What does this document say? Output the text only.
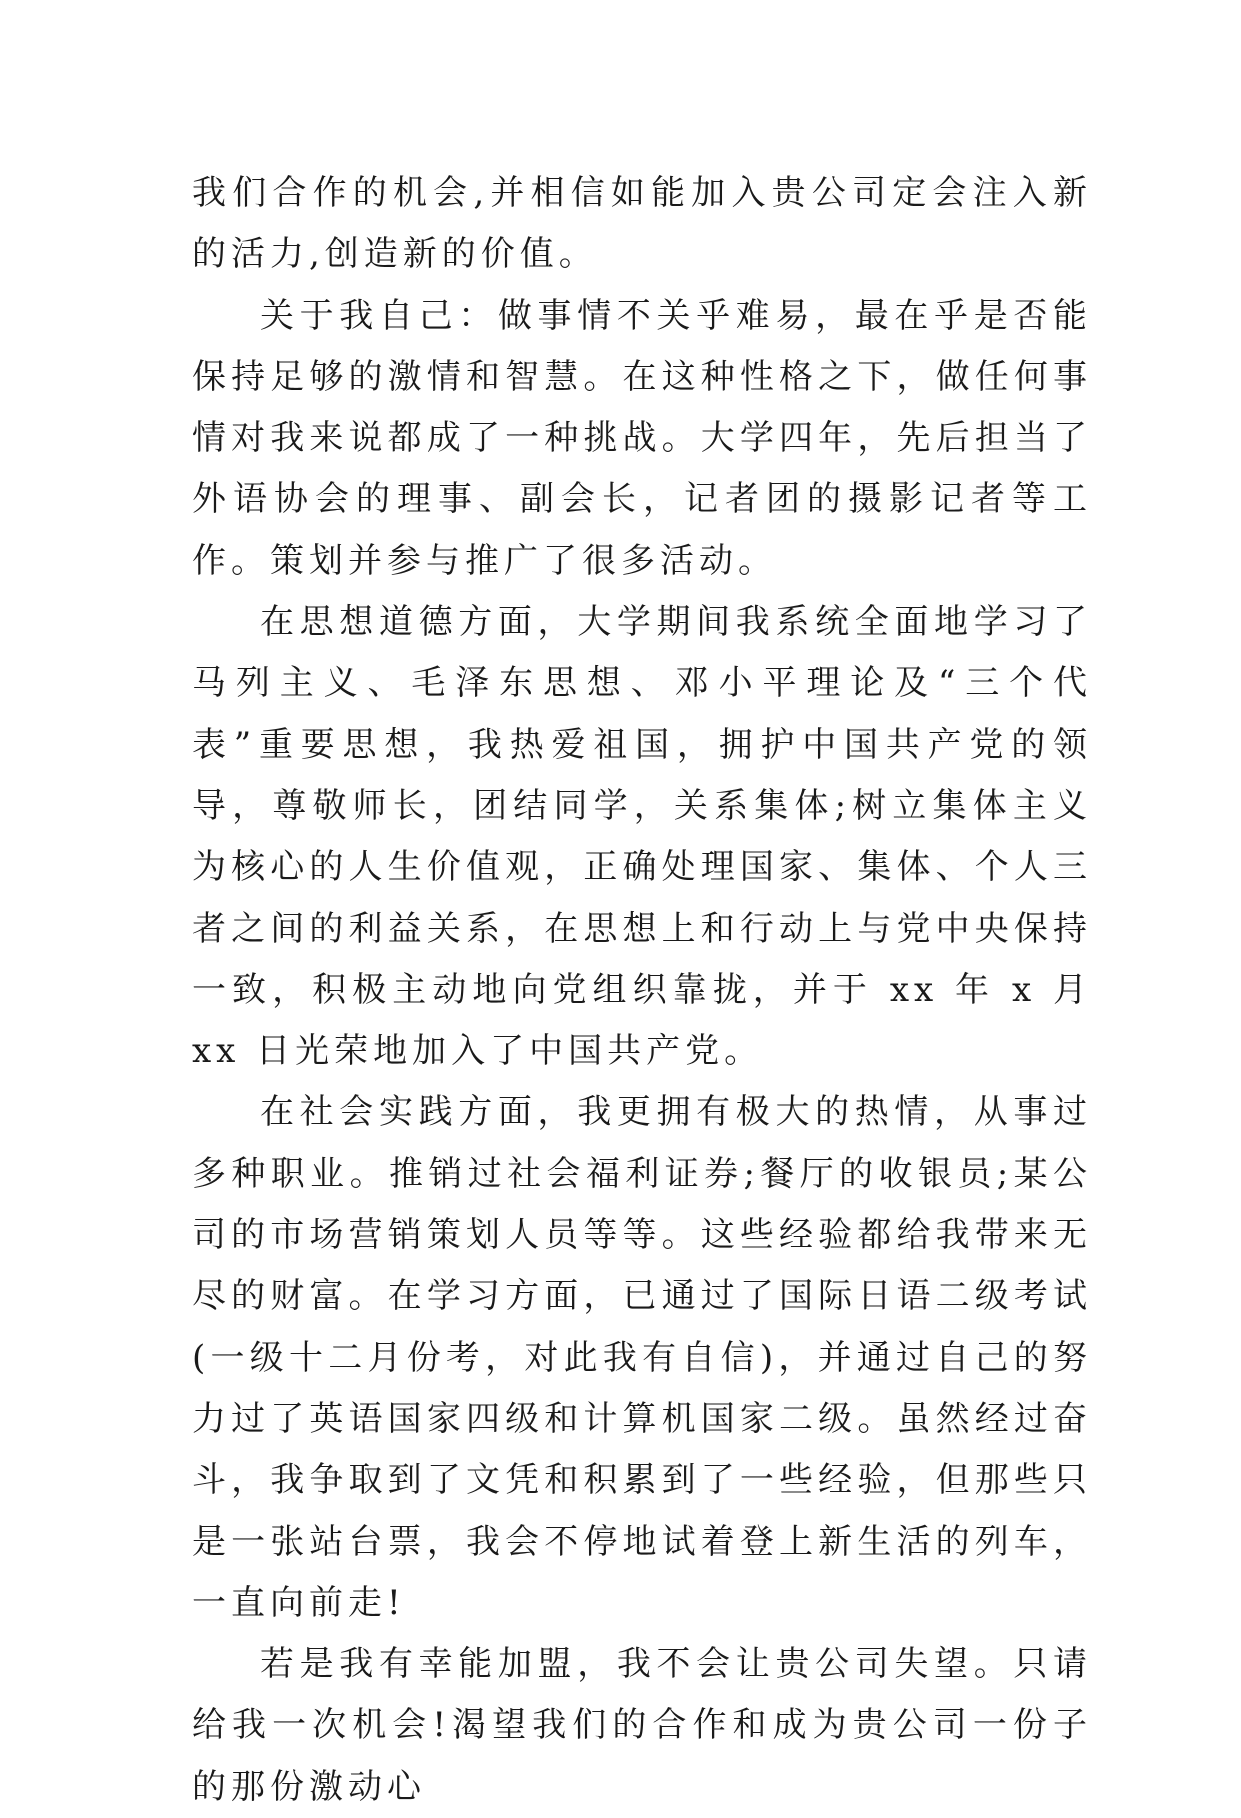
我们合作的机会,并相信如能加入贵公司定会注入新的活力,创造新的价值。

关于我自己：做事情不关乎难易，最在乎是否能保持足够的激情和智慧。在这种性格之下，做任何事情对我来说都成了一种挑战。大学四年，先后担当了外语协会的理事、副会长，记者团的摄影记者等工作。策划并参与推广了很多活动。

在思想道德方面，大学期间我系统全面地学习了马列主义、毛泽东思想、邓小平理论及“三个代表”重要思想，我热爱祖国，拥护中国共产党的领导，尊敬师长，团结同学，关系集体;树立集体主义为核心的人生价值观，正确处理国家、集体、个人三者之间的利益关系，在思想上和行动上与党中央保持一致，积极主动地向党组织靠拢，并于 xx 年 x 月 xx 日光荣地加入了中国共产党。

在社会实践方面，我更拥有极大的热情，从事过多种职业。推销过社会福利证券;餐厅的收银员;某公司的市场营销策划人员等等。这些经验都给我带来无尽的财富。在学习方面，已通过了国际日语二级考试(一级十二月份考，对此我有自信)，并通过自己的努力过了英语国家四级和计算机国家二级。虽然经过奋斗，我争取到了文凭和积累到了一些经验，但那些只是一张站台票，我会不停地试着登上新生活的列车，一直向前走!

若是我有幸能加盟，我不会让贵公司失望。只请给我一次机会!渴望我们的合作和成为贵公司一份子的那份激动心
